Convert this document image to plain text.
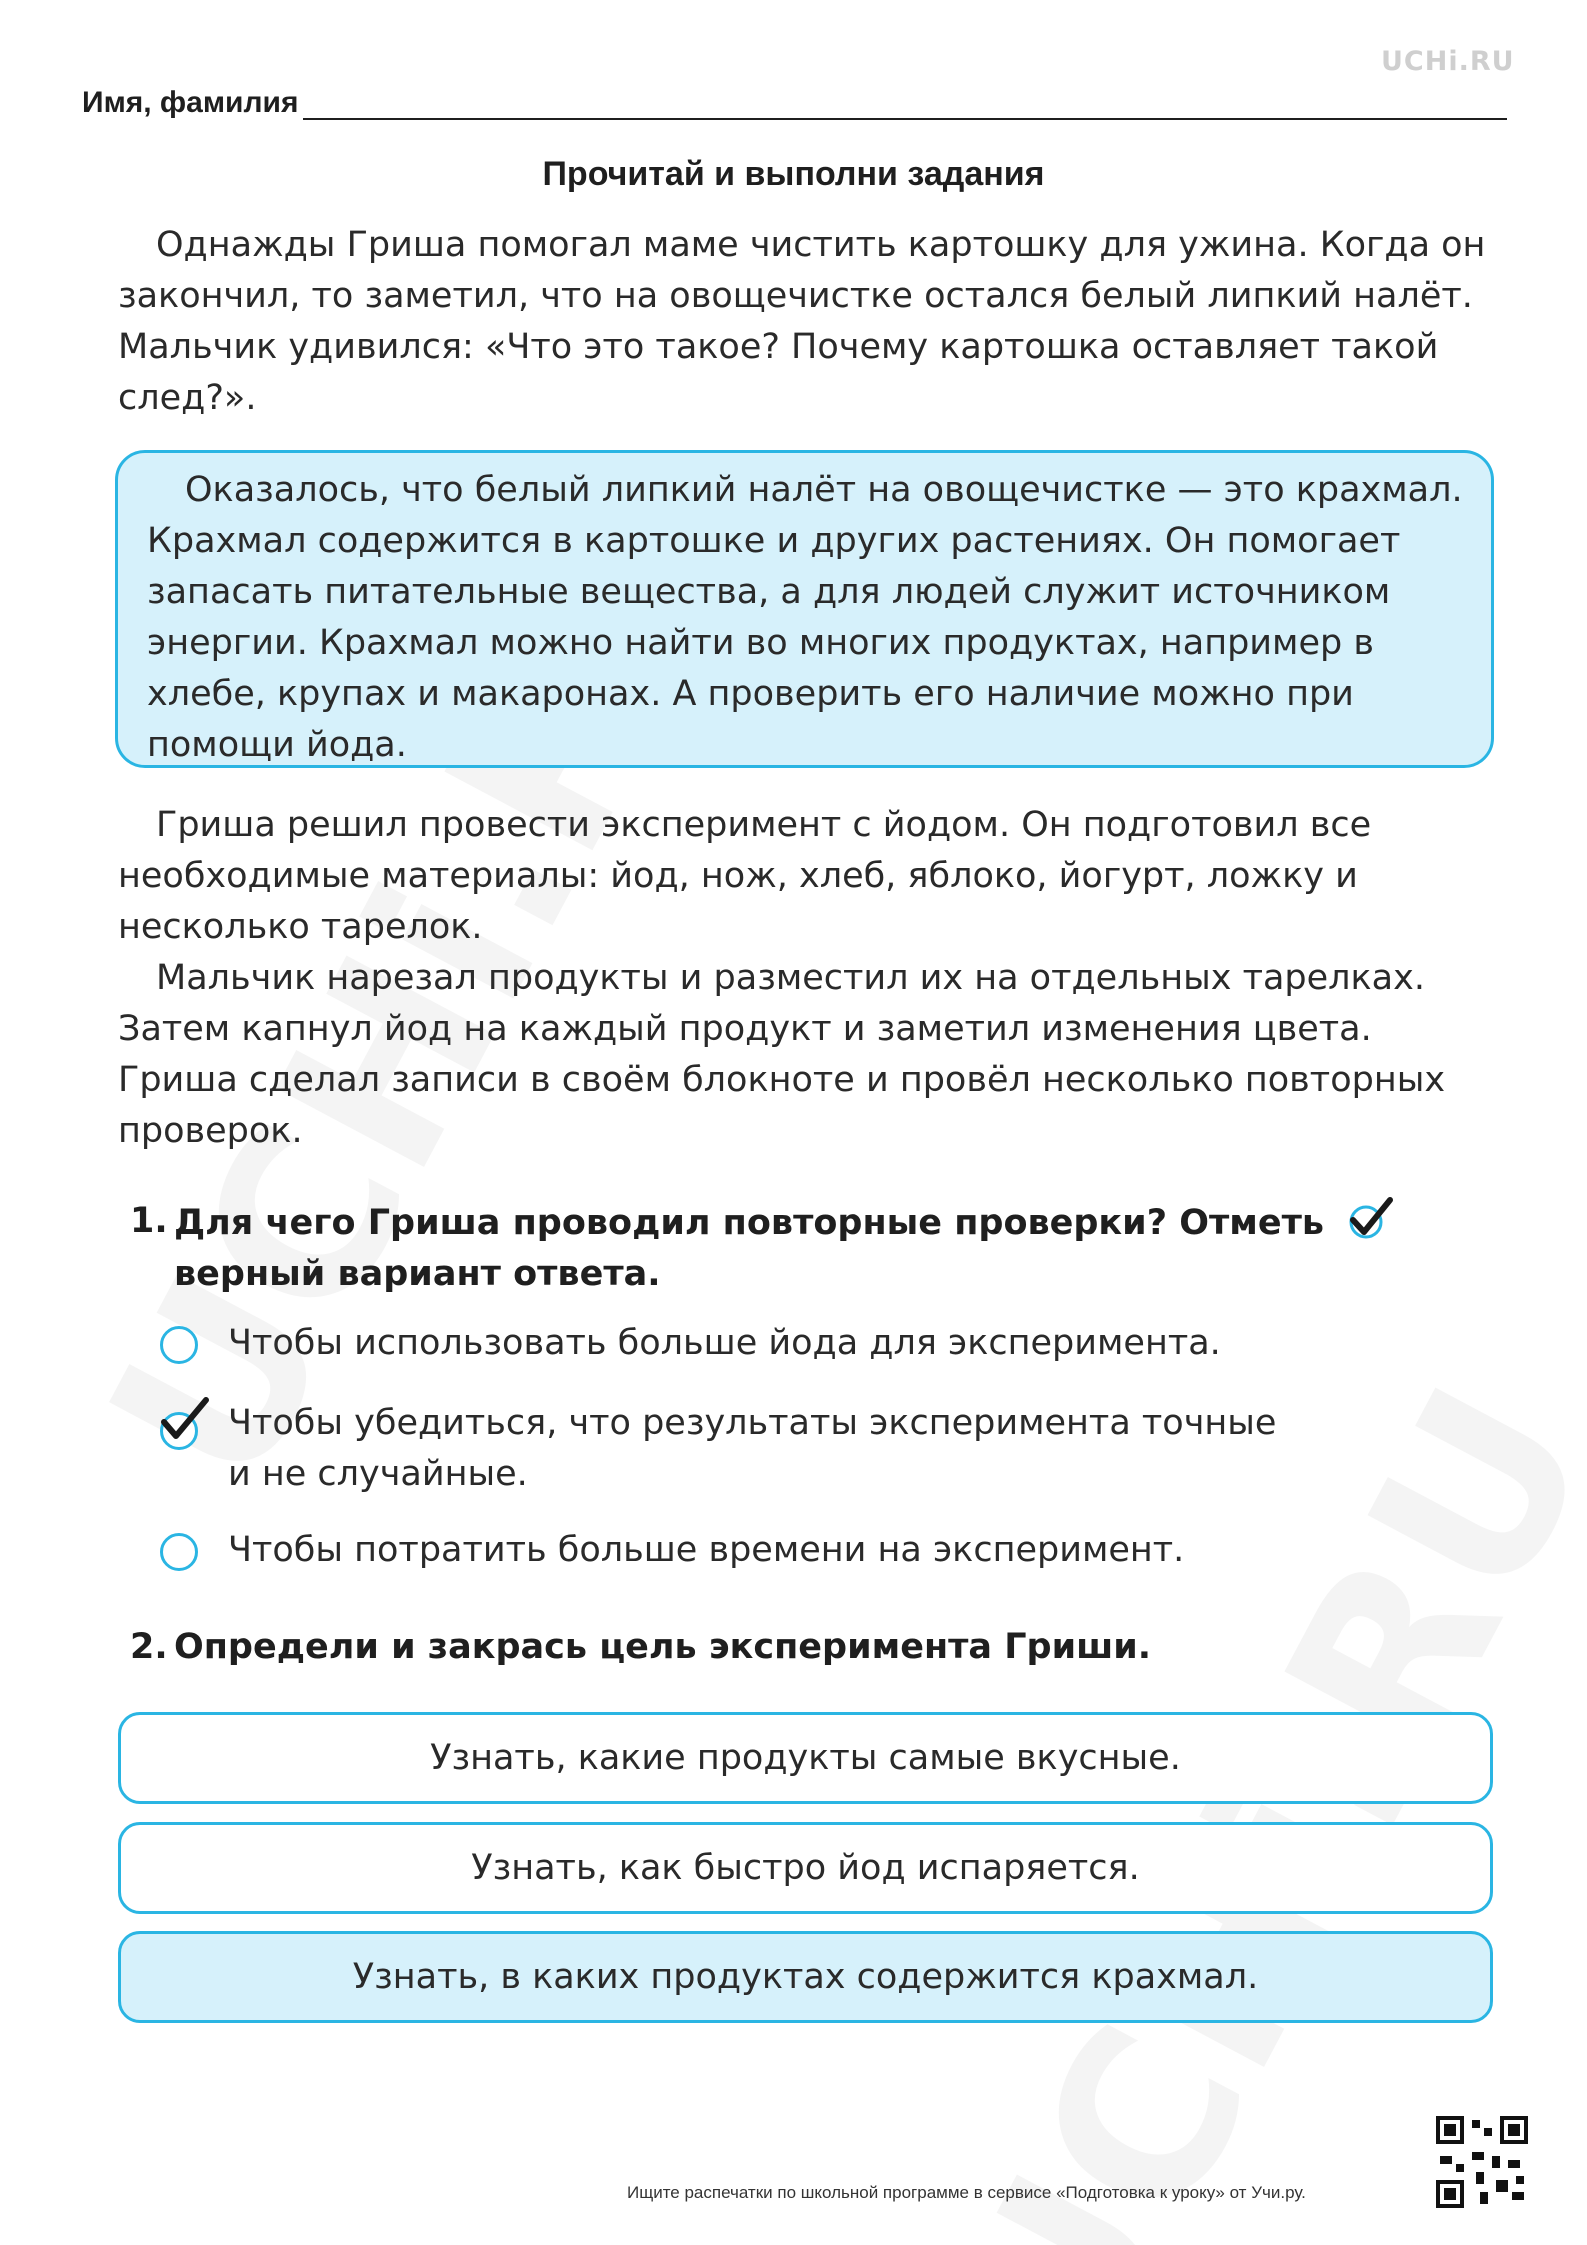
UCHi.RU
Имя, фамилия
Прочитай и выполни задания

Однажды Гриша помогал маме чистить картошку для ужина. Когда он закончил, то заметил, что на овощечистке остался белый липкий налёт. Мальчик удивился: «Что это такое? Почему картошка оставляет такой след?».

Оказалось, что белый липкий налёт на овощечистке — это крахмал. Крахмал содержится в картошке и других растениях. Он помогает запасать питательные вещества, а для людей служит источником энергии. Крахмал можно найти во многих продуктах, например в хлебе, крупах и макаронах. А проверить его наличие можно при помощи йода.

Гриша решил провести эксперимент с йодом. Он подготовил все необходимые материалы: йод, нож, хлеб, яблоко, йогурт, ложку и несколько тарелок.

Мальчик нарезал продукты и разместил их на отдельных тарелках. Затем капнул йод на каждый продукт и заметил изменения цвета. Гриша сделал записи в своём блокноте и провёл несколько повторных проверок.

1. Для чего Гриша проводил повторные проверки? Отметь  верный вариант ответа.
Чтобы использовать больше йода для эксперимента.
Чтобы убедиться, что результаты эксперимента точные и не случайные.
Чтобы потратить больше времени на эксперимент.
2. Определи и закрась цель эксперимента Гриши.
Узнать, какие продукты самые вкусные.
Узнать, как быстро йод испаряется.
Узнать, в каких продуктах содержится крахмал.
Ищите распечатки по школьной программе в сервисе «Подготовка к уроку» от Учи.ру.
